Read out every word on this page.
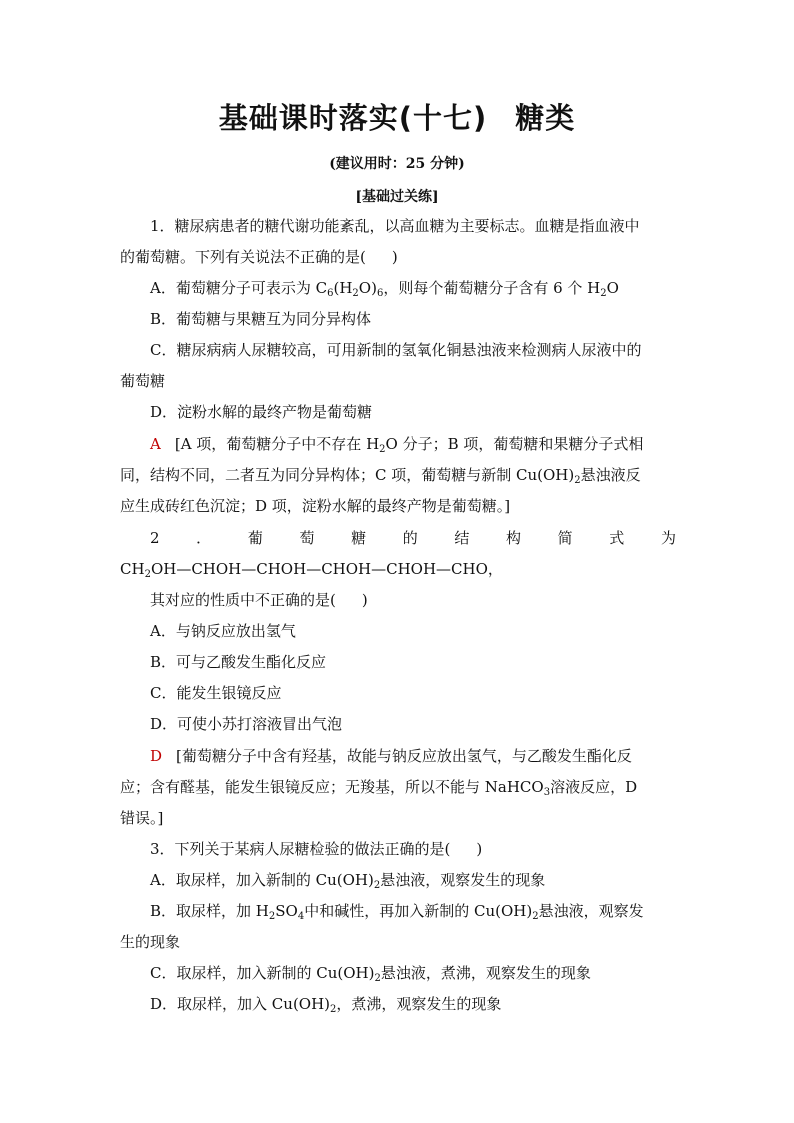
基础课时落实(十七) 糖类
(建议用时：25 分钟)
[基础过关练]
1．糖尿病患者的糖代谢功能紊乱，以高血糖为主要标志。血糖是指血液中
的葡萄糖。下列有关说法不正确的是( )
A．葡萄糖分子可表示为 $C_6(H_2O)_6$，则每个葡萄糖分子含有 6 个 $H_2O$
B．葡萄糖与果糖互为同分异构体
C．糖尿病病人尿糖较高，可用新制的氢氧化铜悬浊液来检测病人尿液中的
葡萄糖
D．淀粉水解的最终产物是葡萄糖
A [A 项，葡萄糖分子中不存在 $H_2O$ 分子；B 项，葡萄糖和果糖分子式相
同，结构不同，二者互为同分异构体；C 项，葡萄糖与新制 $Cu(OH)_2$悬浊液反
应生成砖红色沉淀；D 项，淀粉水解的最终产物是葡萄糖。]
2 ． 葡 萄 糖 的 结 构 简 式 为
$CH_2OH—CHOH—CHOH—CHOH—CHOH—CHO$，
其对应的性质中不正确的是( )
A．与钠反应放出氢气
B．可与乙酸发生酯化反应
C．能发生银镜反应
D．可使小苏打溶液冒出气泡
D [葡萄糖分子中含有羟基，故能与钠反应放出氢气，与乙酸发生酯化反
应；含有醛基，能发生银镜反应；无羧基，所以不能与 NaHCO$_3$溶液反应，D
错误。]
3．下列关于某病人尿糖检验的做法正确的是( )
A．取尿样，加入新制的 $Cu(OH)_2$悬浊液，观察发生的现象
B．取尿样，加 $H_2SO_4$中和碱性，再加入新制的 $Cu(OH)_2$悬浊液，观察发
生的现象
C．取尿样，加入新制的 $Cu(OH)_2$悬浊液，煮沸，观察发生的现象
D．取尿样，加入 $Cu(OH)_2$，煮沸，观察发生的现象
